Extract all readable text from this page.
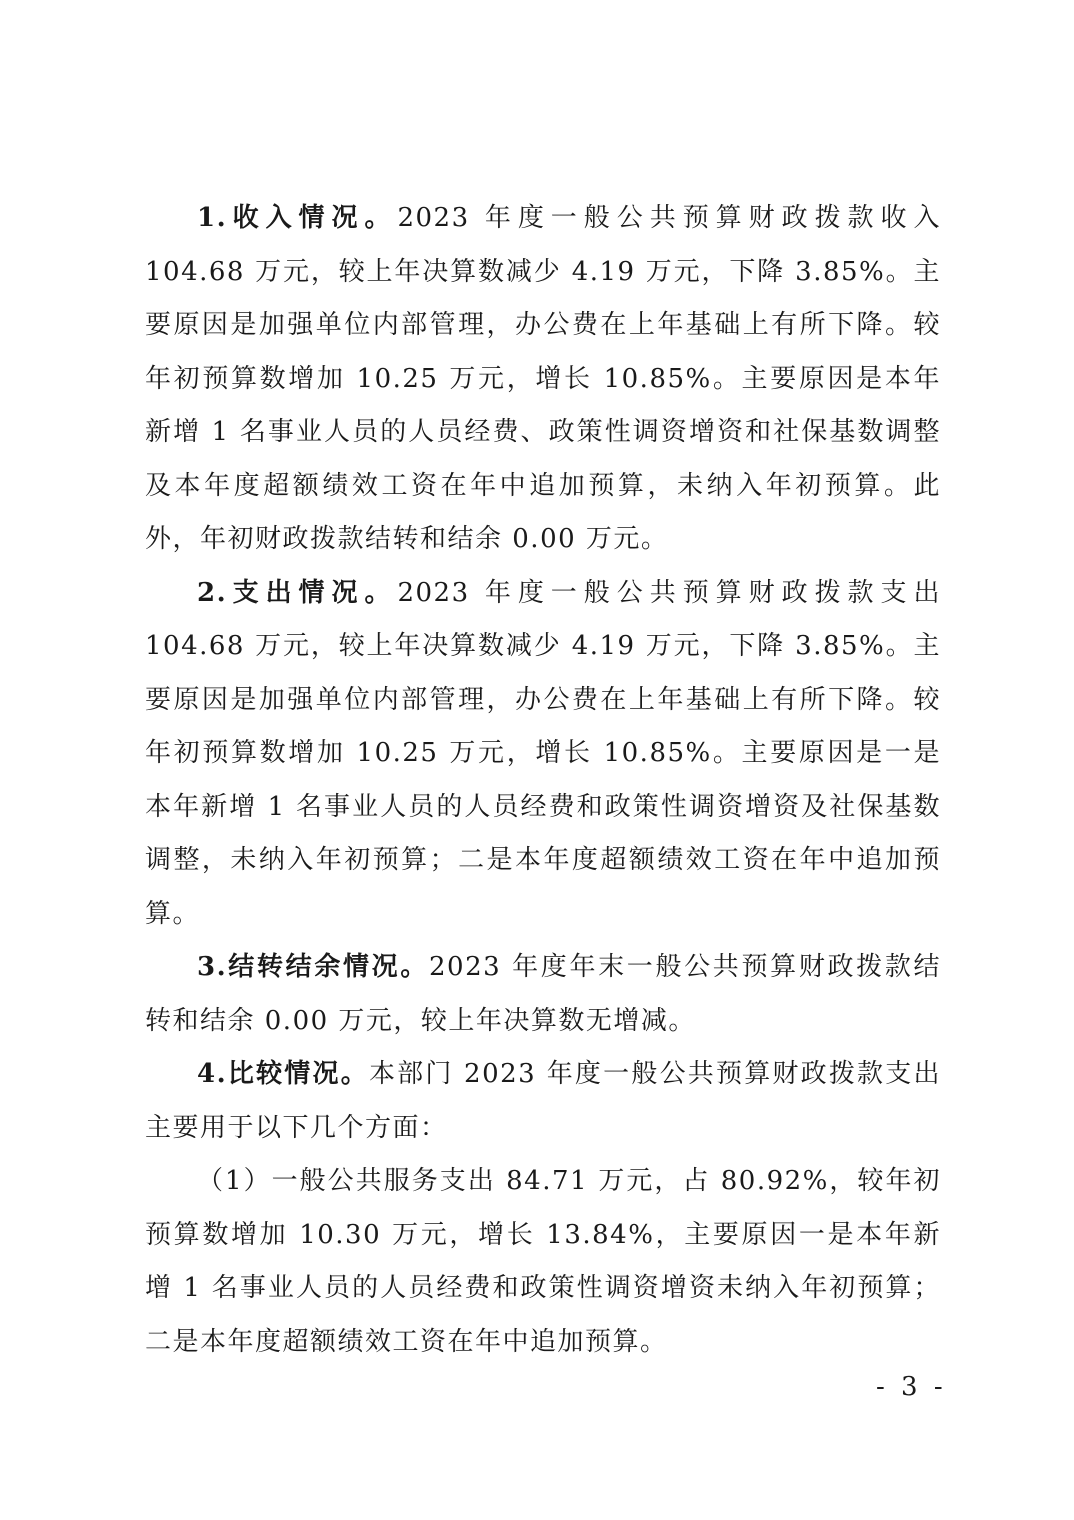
1.收入情况。2023 年度一般公共预算财政拨款收入 104.68 万元，较上年决算数减少 4.19 万元，下降 3.85%。主要原因是加强单位内部管理，办公费在上年基础上有所下降。较年初预算数增加 10.25 万元，增长 10.85%。主要原因是本年新增 1 名事业人员的人员经费、政策性调资增资和社保基数调整及本年度超额绩效工资在年中追加预算，未纳入年初预算。此外，年初财政拨款结转和结余 0.00 万元。

2.支出情况。2023 年度一般公共预算财政拨款支出 104.68 万元，较上年决算数减少 4.19 万元，下降 3.85%。主要原因是加强单位内部管理，办公费在上年基础上有所下降。较年初预算数增加 10.25 万元，增长 10.85%。主要原因是一是本年新增 1 名事业人员的人员经费和政策性调资增资及社保基数调整，未纳入年初预算；二是本年度超额绩效工资在年中追加预算。

3.结转结余情况。2023 年度年末一般公共预算财政拨款结转和结余 0.00 万元，较上年决算数无增减。

4.比较情况。本部门 2023 年度一般公共预算财政拨款支出主要用于以下几个方面：

（1）一般公共服务支出 84.71 万元，占 80.92%，较年初预算数增加 10.30 万元，增长 13.84%，主要原因一是本年新增 1 名事业人员的人员经费和政策性调资增资未纳入年初预算；二是本年度超额绩效工资在年中追加预算。

- 3 -
